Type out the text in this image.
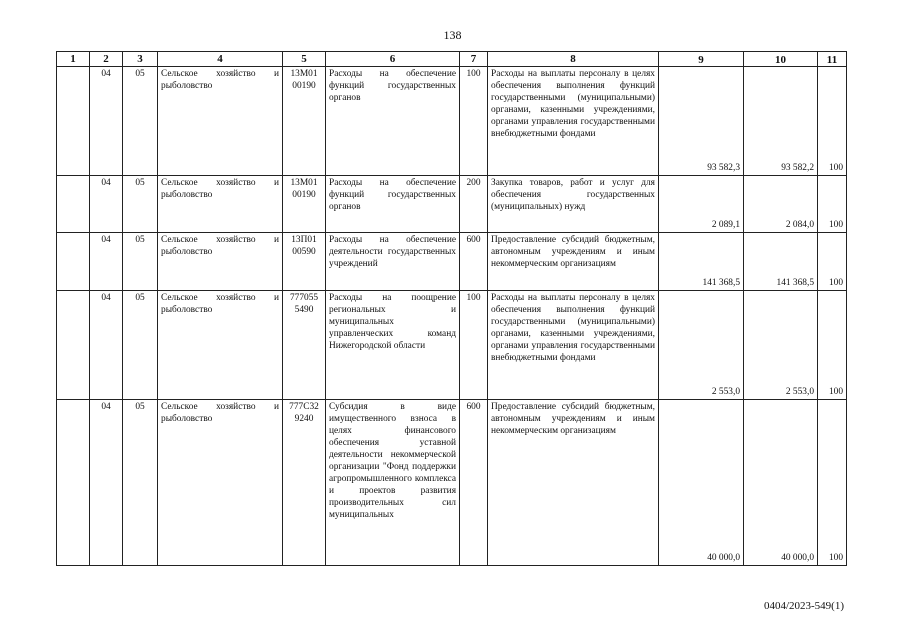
138
1	2	3	4	5	6	7	8	9	10	11
	04	05	Сельское хозяйство и рыболовство	13М01 00190	Расходы на обеспечение функций государственных органов	100	Расходы на выплаты персоналу в целях обеспечения выполнения функций государственными (муниципальными) органами, казенными учреждениями, органами управления государственными внебюджетными фондами	93 582,3	93 582,2	100
	04	05	Сельское хозяйство и рыболовство	13М01 00190	Расходы на обеспечение функций государственных органов	200	Закупка товаров, работ и услуг для обеспечения государственных (муниципальных) нужд	2 089,1	2 084,0	100
	04	05	Сельское хозяйство и рыболовство	13П01 00590	Расходы на обеспечение деятельности государственных учреждений	600	Предоставление субсидий бюджетным, автономным учреждениям и иным некоммерческим организациям	141 368,5	141 368,5	100
	04	05	Сельское хозяйство и рыболовство	777055 5490	Расходы на поощрение региональных и муниципальных управленческих команд Нижегородской области	100	Расходы на выплаты персоналу в целях обеспечения выполнения функций государственными (муниципальными) органами, казенными учреждениями, органами управления государственными внебюджетными фондами	2 553,0	2 553,0	100
	04	05	Сельское хозяйство и рыболовство	777С32 9240	Субсидия в виде имущественного взноса в целях финансового обеспечения уставной деятельности некоммерческой организации "Фонд поддержки агропромышленного комплекса и проектов развития производительных сил муниципальных	600	Предоставление субсидий бюджетным, автономным учреждениям и иным некоммерческим организациям	40 000,0	40 000,0	100
0404/2023-549(1)
